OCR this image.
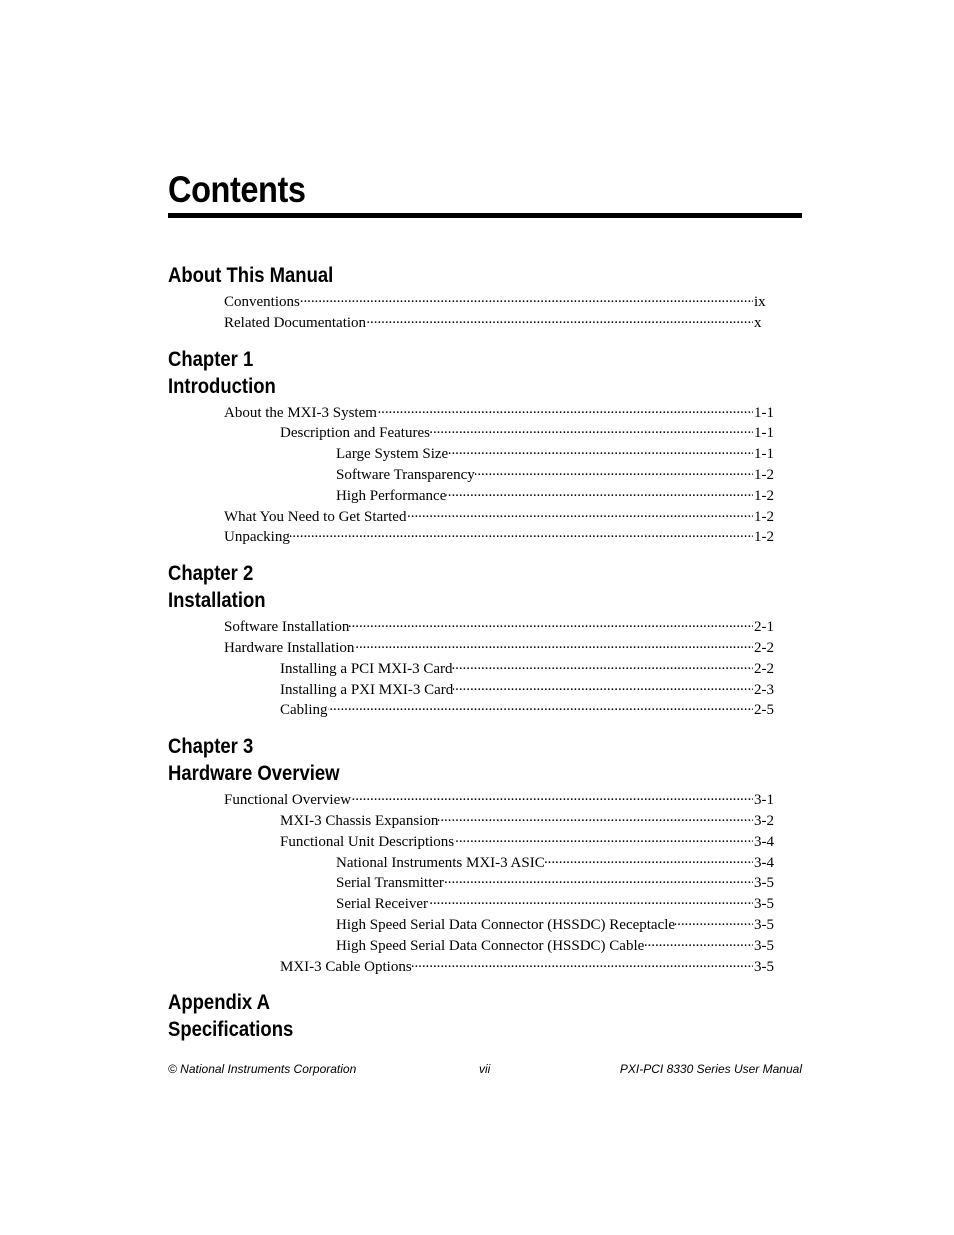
Contents
About This Manual
Conventions . . .	ix
Related Documentation . . .	x
Chapter 1
Introduction
About the MXI-3 System . . .	1-1
Description and Features . . .	1-1
Large System Size . . .	1-1
Software Transparency . . .	1-2
High Performance . . .	1-2
What You Need to Get Started . . .	1-2
Unpacking . . .	1-2
Chapter 2
Installation
Software Installation . . .	2-1
Hardware Installation . . .	2-2
Installing a PCI MXI-3 Card . . .	2-2
Installing a PXI MXI-3 Card . . .	2-3
Cabling . . .	2-5
Chapter 3
Hardware Overview
Functional Overview . . .	3-1
MXI-3 Chassis Expansion . . .	3-2
Functional Unit Descriptions . . .	3-4
National Instruments MXI-3 ASIC . . .	3-4
Serial Transmitter . . .	3-5
Serial Receiver . . .	3-5
High Speed Serial Data Connector (HSSDC) Receptacle . . .	3-5
High Speed Serial Data Connector (HSSDC) Cable . . .	3-5
MXI-3 Cable Options . . .	3-5
Appendix A
Specifications
© National Instruments Corporation	vii	PXI-PCI 8330 Series User Manual
